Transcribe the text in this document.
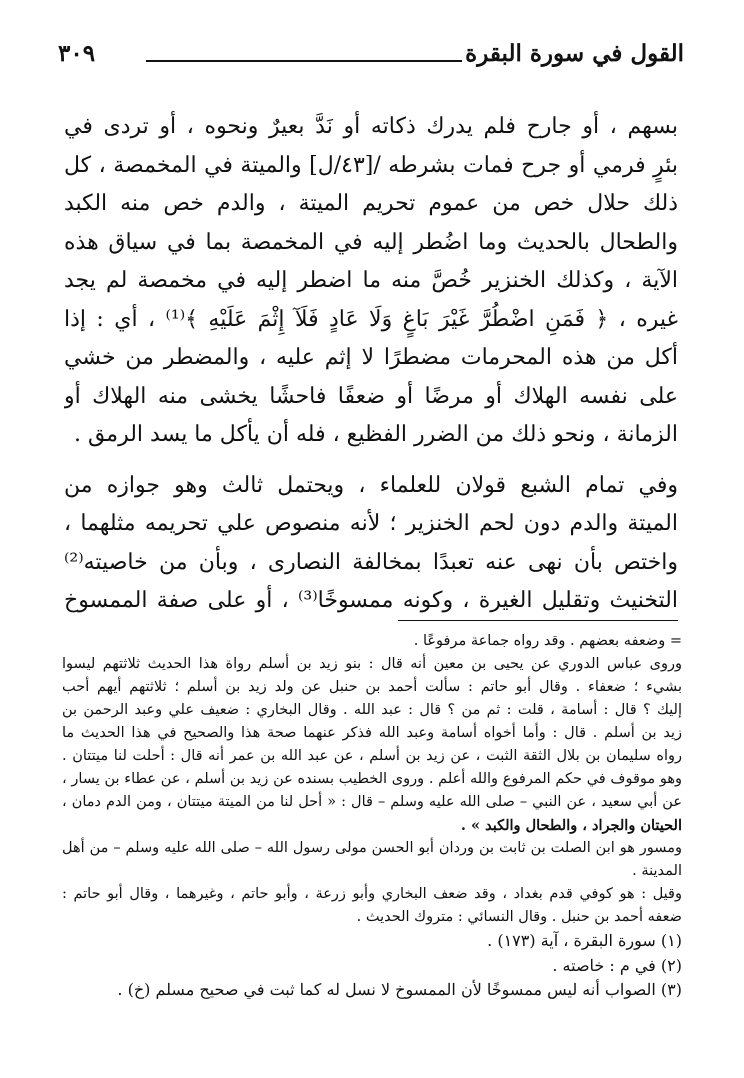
القول في سورة البقرة
٣٠٩
بسهم ، أو جارح فلم يدرك ذكاته أو نَدَّ بعيرٌ ونحوه ، أو تردى في
بئرٍ فرمي أو جرح فمات بشرطه /[٤٣/ل] والميتة في المخمصة ، كل
ذلك حلال خص من عموم تحريم الميتة ، والدم خص منه الكبد
والطحال بالحديث وما اضُطر إليه في المخمصة بما في سياق هذه
الآية ، وكذلك الخنزير خُصَّ منه ما اضطر إليه في مخمصة لم يجد
غيره ، ﴿ فَمَنِ اضْطُرَّ غَيْرَ بَاغٍ وَلَا عَادٍ فَلَآ إِثْمَ عَلَيْهِ ﴾⁽¹⁾ ، أي : إذا
أكل من هذه المحرمات مضطرًا لا إثم عليه ، والمضطر من خشي
على نفسه الهلاك أو مرضًا أو ضعفًا فاحشًا يخشى منه الهلاك أو
الزمانة ، ونحو ذلك من الضرر الفظيع ، فله أن يأكل ما يسد الرمق .
وفي تمام الشبع قولان للعلماء ، ويحتمل ثالث وهو جوازه من
الميتة والدم دون لحم الخنزير ؛ لأنه منصوص علي تحريمه مثلهما ،
واختص بأن نهى عنه تعبدًا بمخالفة النصارى ، وبأن من خاصيته⁽²⁾
التخنيث وتقليل الغيرة ، وكونه ممسوخًا⁽³⁾ ، أو على صفة الممسوخ
= وضعفه بعضهم . وقد رواه جماعة مرفوعًا .
وروى عباس الدوري عن يحيى بن معين أنه قال : بنو زيد بن أسلم رواة هذا الحديث ثلاثتهم ليسوا
بشيء ؛ ضعفاء . وقال أبو حاتم : سألت أحمد بن حنبل عن ولد زيد بن أسلم ؛ ثلاثتهم أيهم أحب
إليك ؟ قال : أسامة ، قلت : ثم من ؟ قال : عبد الله . وقال البخاري : ضعيف علي وعبد الرحمن بن
زيد بن أسلم . قال : وأما أخواه أسامة وعبد الله فذكر عنهما صحة هذا والصحيح في هذا الحديث ما
رواه سليمان بن بلال الثقة الثبت ، عن زيد بن أسلم ، عن عبد الله بن عمر أنه قال : أحلت لنا ميتتان .
وهو موقوف في حكم المرفوع والله أعلم . وروى الخطيب بسنده عن زيد بن أسلم ، عن عطاء بن يسار ،
عن أبي سعيد ، عن النبي – صلى الله عليه وسلم – قال : « أحل لنا من الميتة ميتتان ، ومن الدم دمان ،
الحيتان والجراد ، والطحال والكبد » .
ومسور هو ابن الصلت بن ثابت بن وردان أبو الحسن مولى رسول الله – صلى الله عليه وسلم – من أهل
المدينة .
وقيل : هو كوفي قدم بغداد ، وقد ضعف البخاري وأبو زرعة ، وأبو حاتم ، وغيرهما ، وقال أبو حاتم :
ضعفه أحمد بن حنبل . وقال النسائي : متروك الحديث .
(١) سورة البقرة ، آية (١٧٣) .
(٢) في م : خاصته .
(٣) الصواب أنه ليس ممسوخًا لأن الممسوخ لا نسل له كما ثبت في صحيح مسلم (خ) .
